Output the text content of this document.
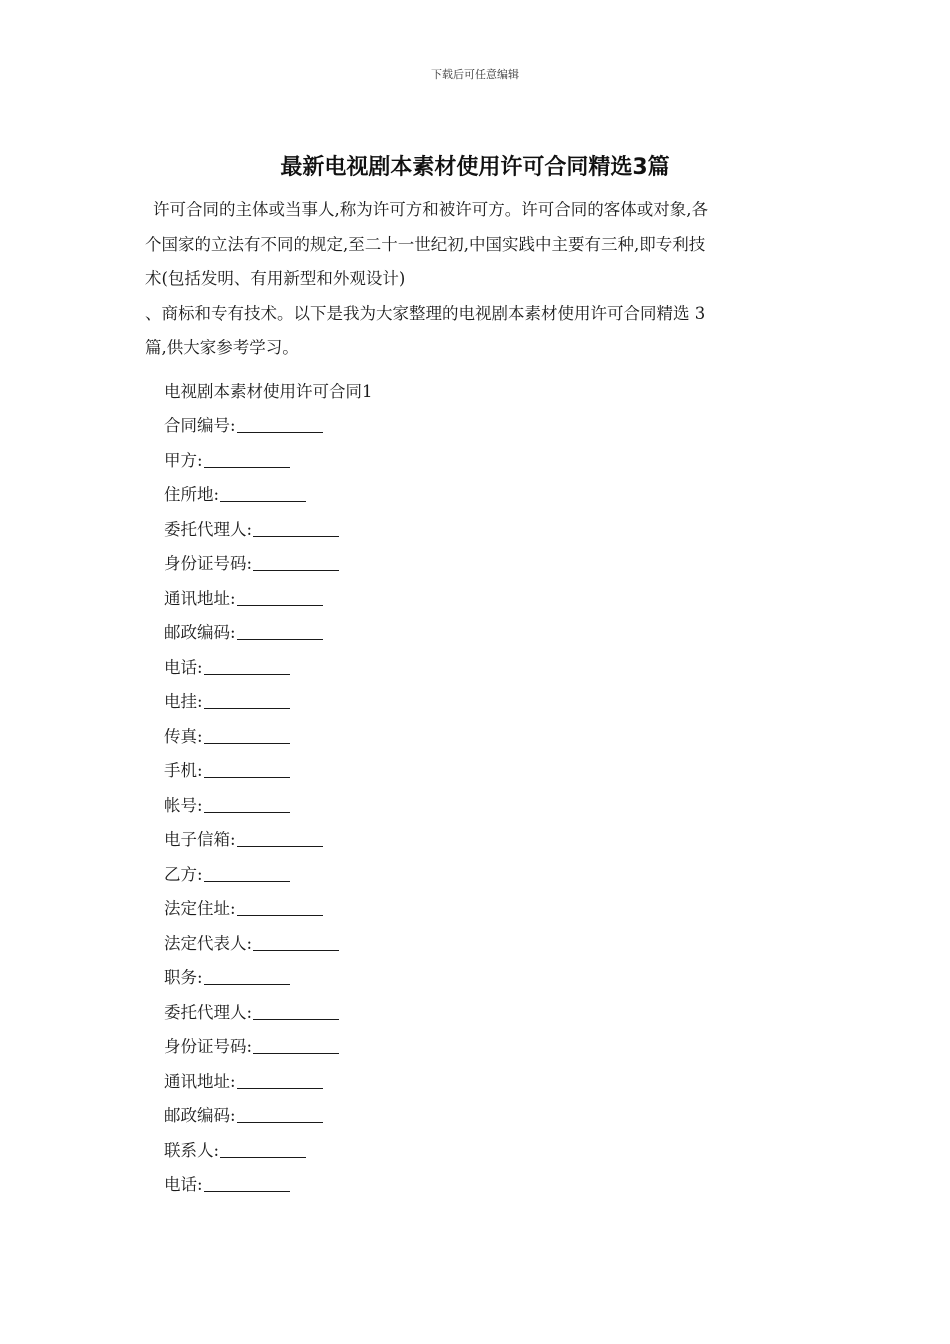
下载后可任意编辑
最新电视剧本素材使用许可合同精选3篇

许可合同的主体或当事人,称为许可方和被许可方。许可合同的客体或对象,各

个国家的立法有不同的规定,至二十一世纪初,中国实践中主要有三种,即专利技

术(包括发明、有用新型和外观设计)

、商标和专有技术。以下是我为大家整理的电视剧本素材使用许可合同精选 3

篇,供大家参考学习。

电视剧本素材使用许可合同1
合同编号:
甲方:
住所地:
委托代理人:
身份证号码:
通讯地址:
邮政编码:
电话:
电挂:
传真:
手机:
帐号:
电子信箱:
乙方:
法定住址:
法定代表人:
职务:
委托代理人:
身份证号码:
通讯地址:
邮政编码:
联系人:
电话:
